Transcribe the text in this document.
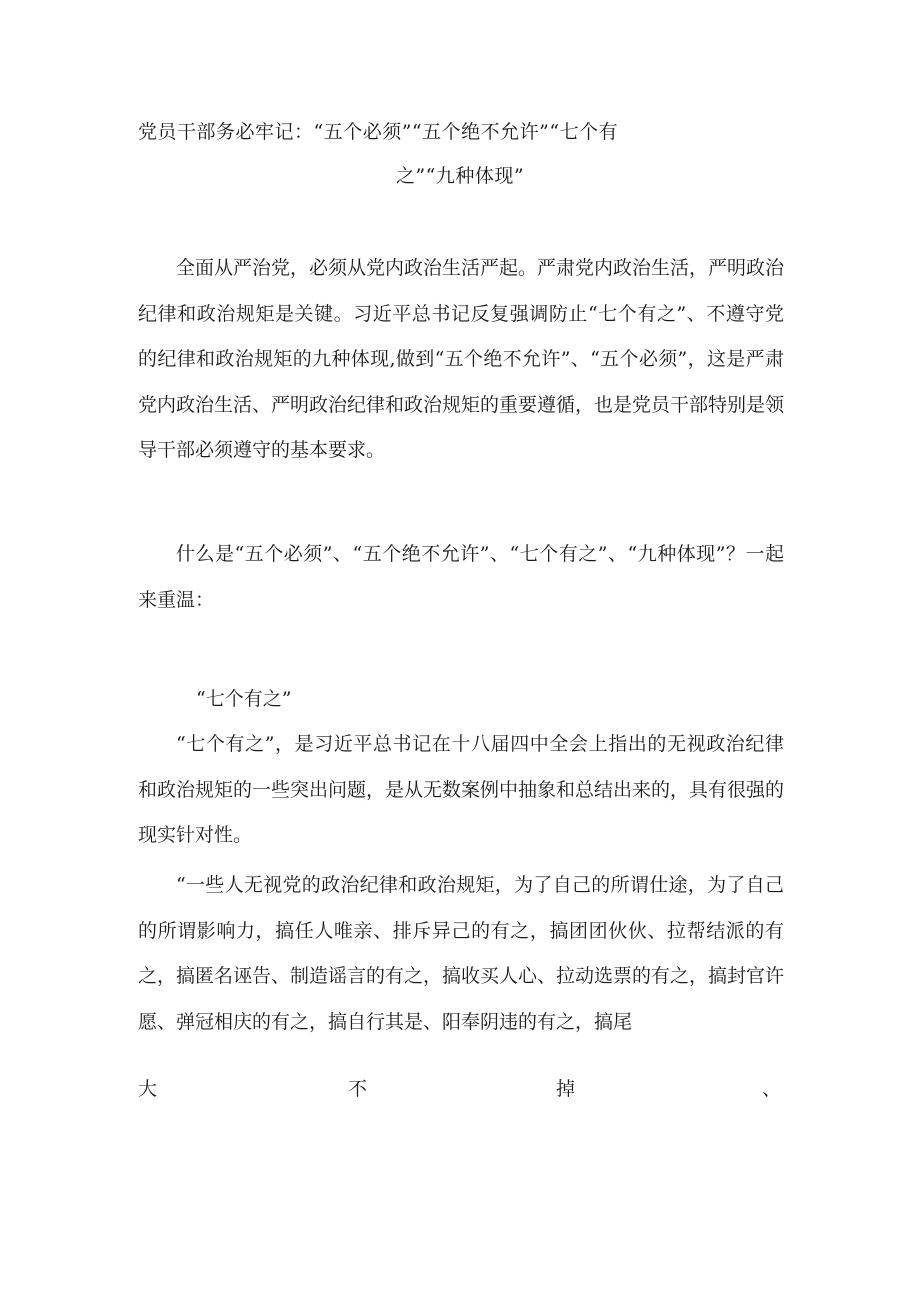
党员干部务必牢记：“五个必须”“五个绝不允许”“七个有
之”“九种体现”

全面从严治党，必须从党内政治生活严起。严肃党内政治生活，严明政治纪律和政治规矩是关键。习近平总书记反复强调防止“七个有之”、不遵守党的纪律和政治规矩的九种体现,做到“五个绝不允许”、“五个必须”，这是严肃党内政治生活、严明政治纪律和政治规矩的重要遵循，也是党员干部特别是领导干部必须遵守的基本要求。

什么是“五个必须”、“五个绝不允许”、“七个有之”、“九种体现”？一起来重温：

“七个有之”

“七个有之”，是习近平总书记在十八届四中全会上指出的无视政治纪律和政治规矩的一些突出问题，是从无数案例中抽象和总结出来的，具有很强的现实针对性。

“一些人无视党的政治纪律和政治规矩，为了自己的所谓仕途，为了自己的所谓影响力，搞任人唯亲、排斥异己的有之，搞团团伙伙、拉帮结派的有之，搞匿名诬告、制造谣言的有之，搞收买人心、拉动选票的有之，搞封官许愿、弹冠相庆的有之，搞自行其是、阳奉阴违的有之，搞尾

大	不	掉	、
